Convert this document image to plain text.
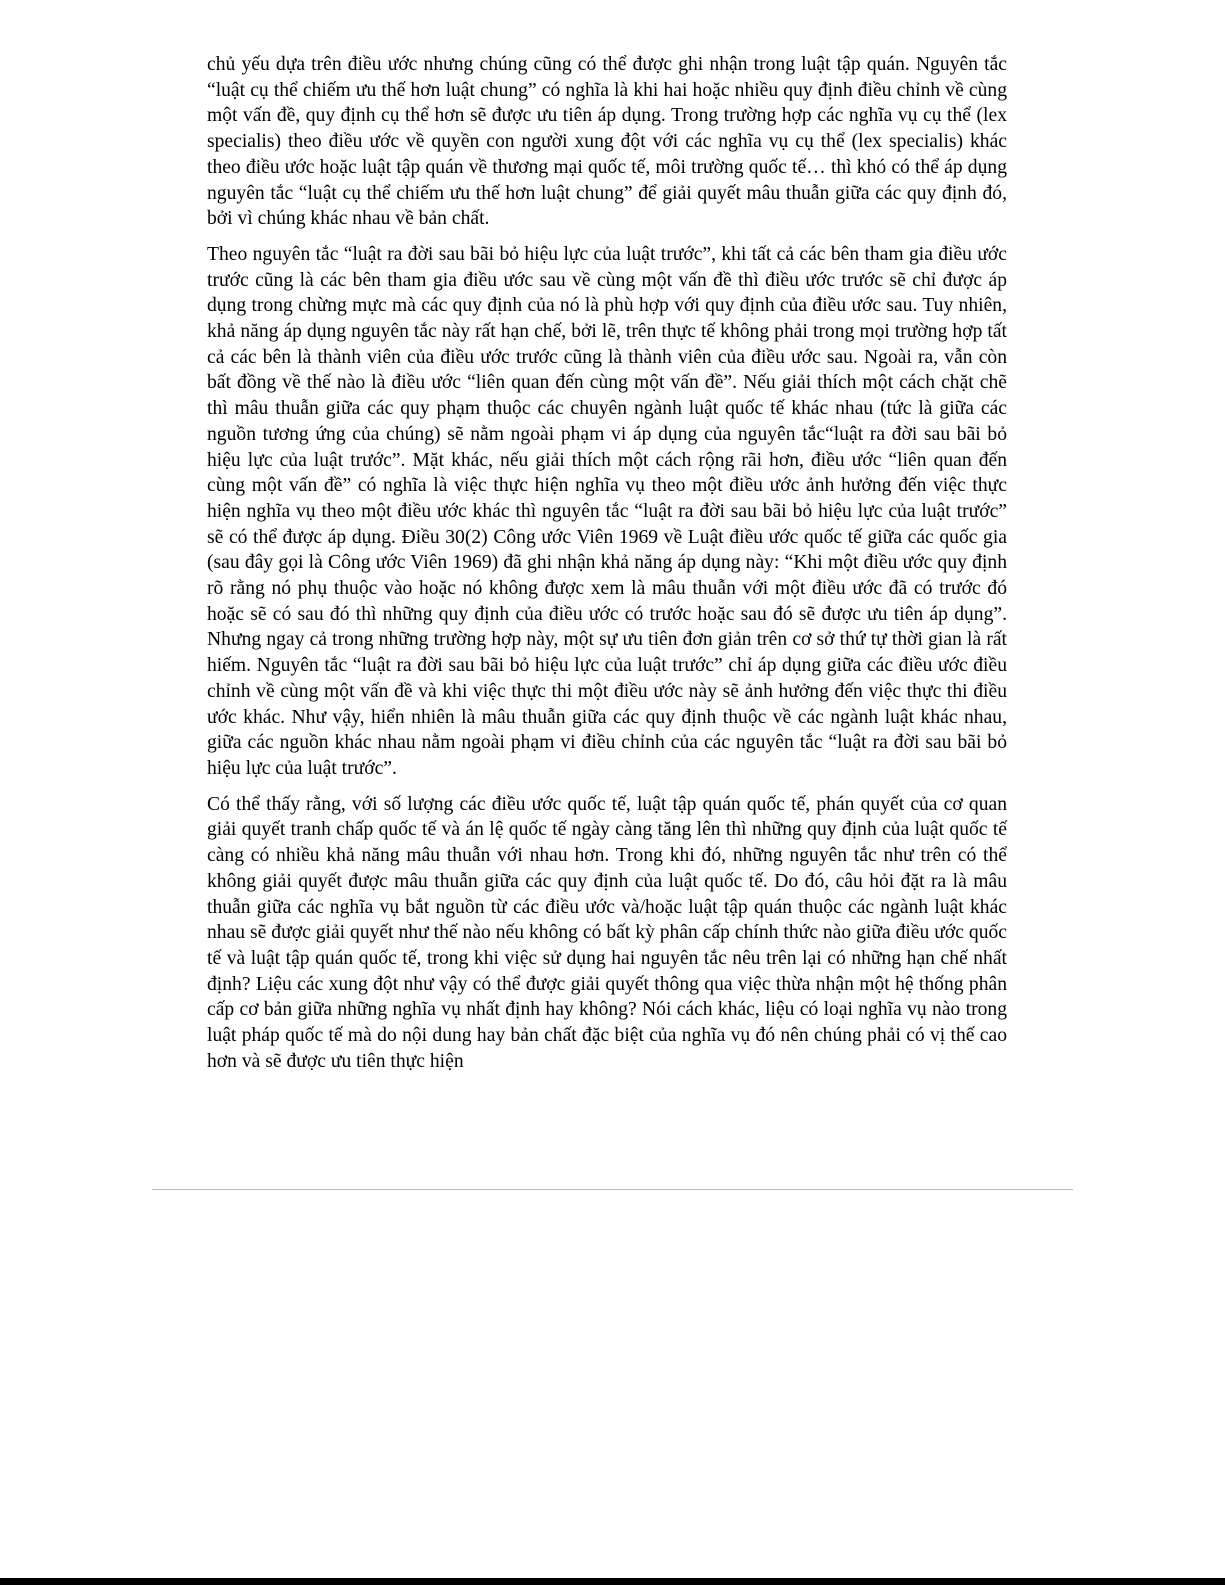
chủ yếu dựa trên điều ước nhưng chúng cũng có thể được ghi nhận trong luật tập quán. Nguyên tắc “luật cụ thể chiếm ưu thế hơn luật chung” có nghĩa là khi hai hoặc nhiều quy định điều chỉnh về cùng một vấn đề, quy định cụ thể hơn sẽ được ưu tiên áp dụng. Trong trường hợp các nghĩa vụ cụ thể (lex specialis) theo điều ước về quyền con người xung đột với các nghĩa vụ cụ thể (lex specialis) khác theo điều ước hoặc luật tập quán về thương mại quốc tế, môi trường quốc tế… thì khó có thể áp dụng nguyên tắc “luật cụ thể chiếm ưu thế hơn luật chung” để giải quyết mâu thuẫn giữa các quy định đó, bởi vì chúng khác nhau về bản chất.

Theo nguyên tắc “luật ra đời sau bãi bỏ hiệu lực của luật trước”, khi tất cả các bên tham gia điều ước trước cũng là các bên tham gia điều ước sau về cùng một vấn đề thì điều ước trước sẽ chỉ được áp dụng trong chừng mực mà các quy định của nó là phù hợp với quy định của điều ước sau. Tuy nhiên, khả năng áp dụng nguyên tắc này rất hạn chế, bởi lẽ, trên thực tế không phải trong mọi trường hợp tất cả các bên là thành viên của điều ước trước cũng là thành viên của điều ước sau. Ngoài ra, vẫn còn bất đồng về thế nào là điều ước “liên quan đến cùng một vấn đề”. Nếu giải thích một cách chặt chẽ thì mâu thuẫn giữa các quy phạm thuộc các chuyên ngành luật quốc tế khác nhau (tức là giữa các nguồn tương ứng của chúng) sẽ nằm ngoài phạm vi áp dụng của nguyên tắc“luật ra đời sau bãi bỏ hiệu lực của luật trước”. Mặt khác, nếu giải thích một cách rộng rãi hơn, điều ước “liên quan đến cùng một vấn đề” có nghĩa là việc thực hiện nghĩa vụ theo một điều ước ảnh hưởng đến việc thực hiện nghĩa vụ theo một điều ước khác thì nguyên tắc “luật ra đời sau bãi bỏ hiệu lực của luật trước” sẽ có thể được áp dụng. Điều 30(2) Công ước Viên 1969 về Luật điều ước quốc tế giữa các quốc gia (sau đây gọi là Công ước Viên 1969) đã ghi nhận khả năng áp dụng này: “Khi một điều ước quy định rõ rằng nó phụ thuộc vào hoặc nó không được xem là mâu thuẫn với một điều ước đã có trước đó hoặc sẽ có sau đó thì những quy định của điều ước có trước hoặc sau đó sẽ được ưu tiên áp dụng”. Nhưng ngay cả trong những trường hợp này, một sự ưu tiên đơn giản trên cơ sở thứ tự thời gian là rất hiếm. Nguyên tắc “luật ra đời sau bãi bỏ hiệu lực của luật trước” chỉ áp dụng giữa các điều ước điều chỉnh về cùng một vấn đề và khi việc thực thi một điều ước này sẽ ảnh hưởng đến việc thực thi điều ước khác. Như vậy, hiển nhiên là mâu thuẫn giữa các quy định thuộc về các ngành luật khác nhau, giữa các nguồn khác nhau nằm ngoài phạm vi điều chỉnh của các nguyên tắc “luật ra đời sau bãi bỏ hiệu lực của luật trước”.

Có thể thấy rằng, với số lượng các điều ước quốc tế, luật tập quán quốc tế, phán quyết của cơ quan giải quyết tranh chấp quốc tế và án lệ quốc tế ngày càng tăng lên thì những quy định của luật quốc tế càng có nhiều khả năng mâu thuẫn với nhau hơn. Trong khi đó, những nguyên tắc như trên có thể không giải quyết được mâu thuẫn giữa các quy định của luật quốc tế. Do đó, câu hỏi đặt ra là mâu thuẫn giữa các nghĩa vụ bắt nguồn từ các điều ước và/hoặc luật tập quán thuộc các ngành luật khác nhau sẽ được giải quyết như thế nào nếu không có bất kỳ phân cấp chính thức nào giữa điều ước quốc tế và luật tập quán quốc tế, trong khi việc sử dụng hai nguyên tắc nêu trên lại có những hạn chế nhất định? Liệu các xung đột như vậy có thể được giải quyết thông qua việc thừa nhận một hệ thống phân cấp cơ bản giữa những nghĩa vụ nhất định hay không? Nói cách khác, liệu có loại nghĩa vụ nào trong luật pháp quốc tế mà do nội dung hay bản chất đặc biệt của nghĩa vụ đó nên chúng phải có vị thế cao hơn và sẽ được ưu tiên thực hiện
